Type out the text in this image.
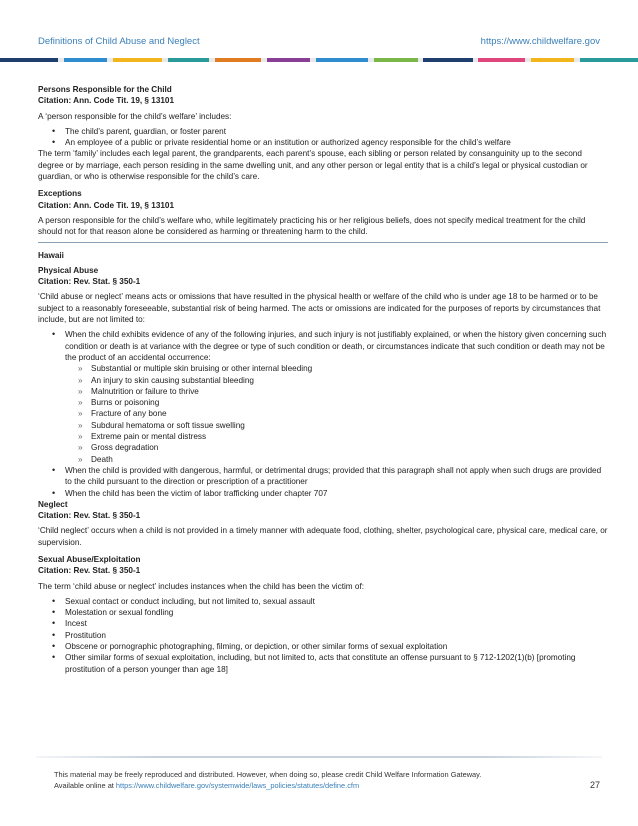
Definitions of Child Abuse and Neglect	https://www.childwelfare.gov

Persons Responsible for the Child

Citation: Ann. Code Tit. 19, § 13101

A ‘person responsible for the child’s welfare’ includes:

• The child’s parent, guardian, or foster parent
• An employee of a public or private residential home or an institution or authorized agency responsible for the child’s welfare

The term ‘family’ includes each legal parent, the grandparents, each parent’s spouse, each sibling or person related by consanguinity up to the second degree or by marriage, each person residing in the same dwelling unit, and any other person or legal entity that is a child’s legal or physical custodian or guardian, or who is otherwise responsible for the child’s care.

Exceptions

Citation: Ann. Code Tit. 19, § 13101

A person responsible for the child’s welfare who, while legitimately practicing his or her religious beliefs, does not specify medical treatment for the child should not for that reason alone be considered as harming or threatening harm to the child.

Hawaii

Physical Abuse

Citation: Rev. Stat. § 350-1

‘Child abuse or neglect’ means acts or omissions that have resulted in the physical health or welfare of the child who is under age 18 to be harmed or to be subject to a reasonably foreseeable, substantial risk of being harmed. The acts or omissions are indicated for the purposes of reports by circumstances that include, but are not limited to:

• When the child exhibits evidence of any of the following injuries, and such injury is not justifiably explained, or when the history given concerning such condition or death is at variance with the degree or type of such condition or death, or circumstances indicate that such condition or death may not be the product of an accidental occurrence:
» Substantial or multiple skin bruising or other internal bleeding
» An injury to skin causing substantial bleeding
» Malnutrition or failure to thrive
» Burns or poisoning
» Fracture of any bone
» Subdural hematoma or soft tissue swelling
» Extreme pain or mental distress
» Gross degradation
» Death
• When the child is provided with dangerous, harmful, or detrimental drugs; provided that this paragraph shall not apply when such drugs are provided to the child pursuant to the direction or prescription of a practitioner
• When the child has been the victim of labor trafficking under chapter 707

Neglect

Citation: Rev. Stat. § 350-1

‘Child neglect’ occurs when a child is not provided in a timely manner with adequate food, clothing, shelter, psychological care, physical care, medical care, or supervision.

Sexual Abuse/Exploitation

Citation: Rev. Stat. § 350-1

The term ‘child abuse or neglect’ includes instances when the child has been the victim of:

• Sexual contact or conduct including, but not limited to, sexual assault
• Molestation or sexual fondling
• Incest
• Prostitution
• Obscene or pornographic photographing, filming, or depiction, or other similar forms of sexual exploitation
• Other similar forms of sexual exploitation, including, but not limited to, acts that constitute an offense pursuant to § 712-1202(1)(b) [promoting prostitution of a person younger than age 18]
This material may be freely reproduced and distributed. However, when doing so, please credit Child Welfare Information Gateway.
Available online at https://www.childwelfare.gov/systemwide/laws_policies/statutes/define.cfm	27
